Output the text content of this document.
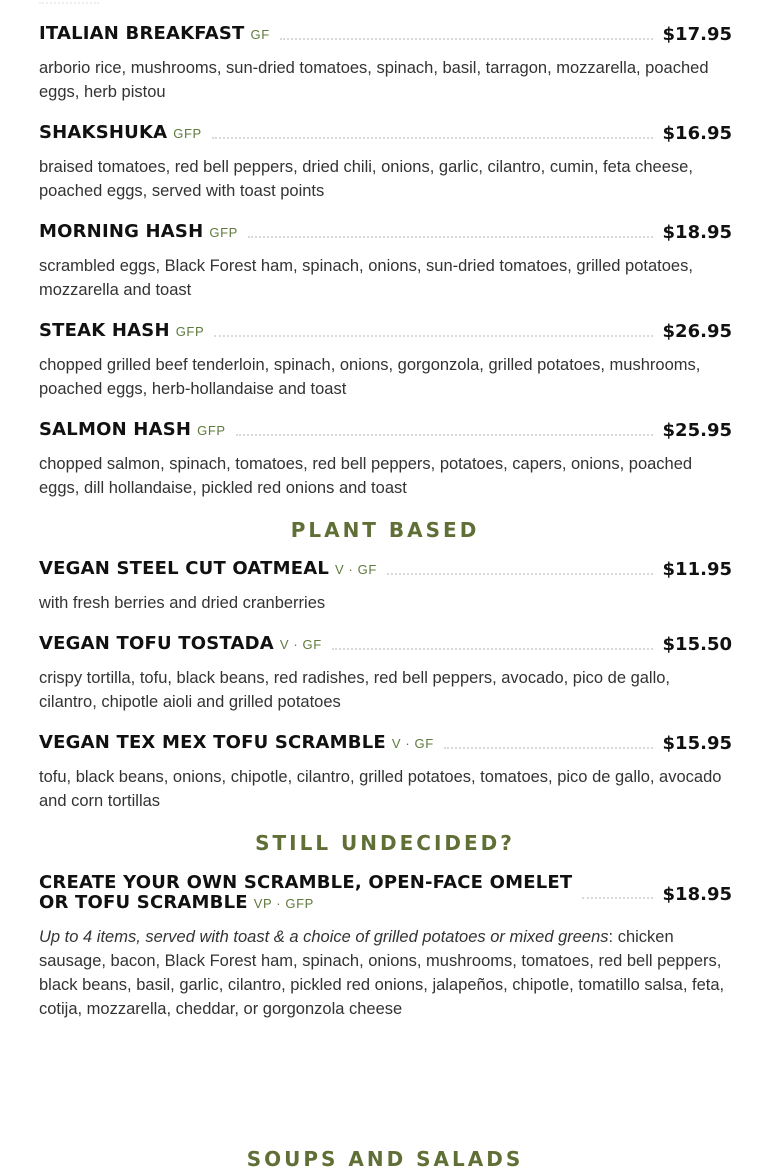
ITALIAN BREAKFAST GF	$17.95
arborio rice, mushrooms, sun-dried tomatoes, spinach, basil, tarragon, mozzarella, poached eggs, herb pistou
SHAKSHUKA GFP	$16.95
braised tomatoes, red bell peppers, dried chili, onions, garlic, cilantro, cumin, feta cheese, poached eggs, served with toast points
MORNING HASH GFP	$18.95
scrambled eggs, Black Forest ham, spinach, onions, sun-dried tomatoes, grilled potatoes, mozzarella and toast
STEAK HASH GFP	$26.95
chopped grilled beef tenderloin, spinach, onions, gorgonzola, grilled potatoes, mushrooms, poached eggs, herb-hollandaise and toast
SALMON HASH GFP	$25.95
chopped salmon, spinach, tomatoes, red bell peppers, potatoes, capers, onions, poached eggs, dill hollandaise, pickled red onions and toast
VEGAN STEEL CUT OATMEAL V · GF	$11.95
with fresh berries and dried cranberries
VEGAN TOFU TOSTADA V · GF	$15.50
crispy tortilla, tofu, black beans, red radishes, red bell peppers, avocado, pico de gallo, cilantro, chipotle aioli and grilled potatoes
VEGAN TEX MEX TOFU SCRAMBLE V · GF	$15.95
tofu, black beans, onions, chipotle, cilantro, grilled potatoes, tomatoes, pico de gallo, avocado and corn tortillas
CREATE YOUR OWN SCRAMBLE, OPEN-FACE OMELET
OR TOFU SCRAMBLE VP · GFP	$18.95
Up to 4 items, served with toast & a choice of grilled potatoes or mixed greens: chicken sausage, bacon, Black Forest ham, spinach, onions, mushrooms, tomatoes, red bell peppers, black beans, basil, garlic, cilantro, pickled red onions, jalapeños, chipotle, tomatillo salsa, feta, cotija, mozzarella, cheddar, or gorgonzola cheese
PLANT BASED
STILL UNDECIDED?
SOUPS AND SALADS
